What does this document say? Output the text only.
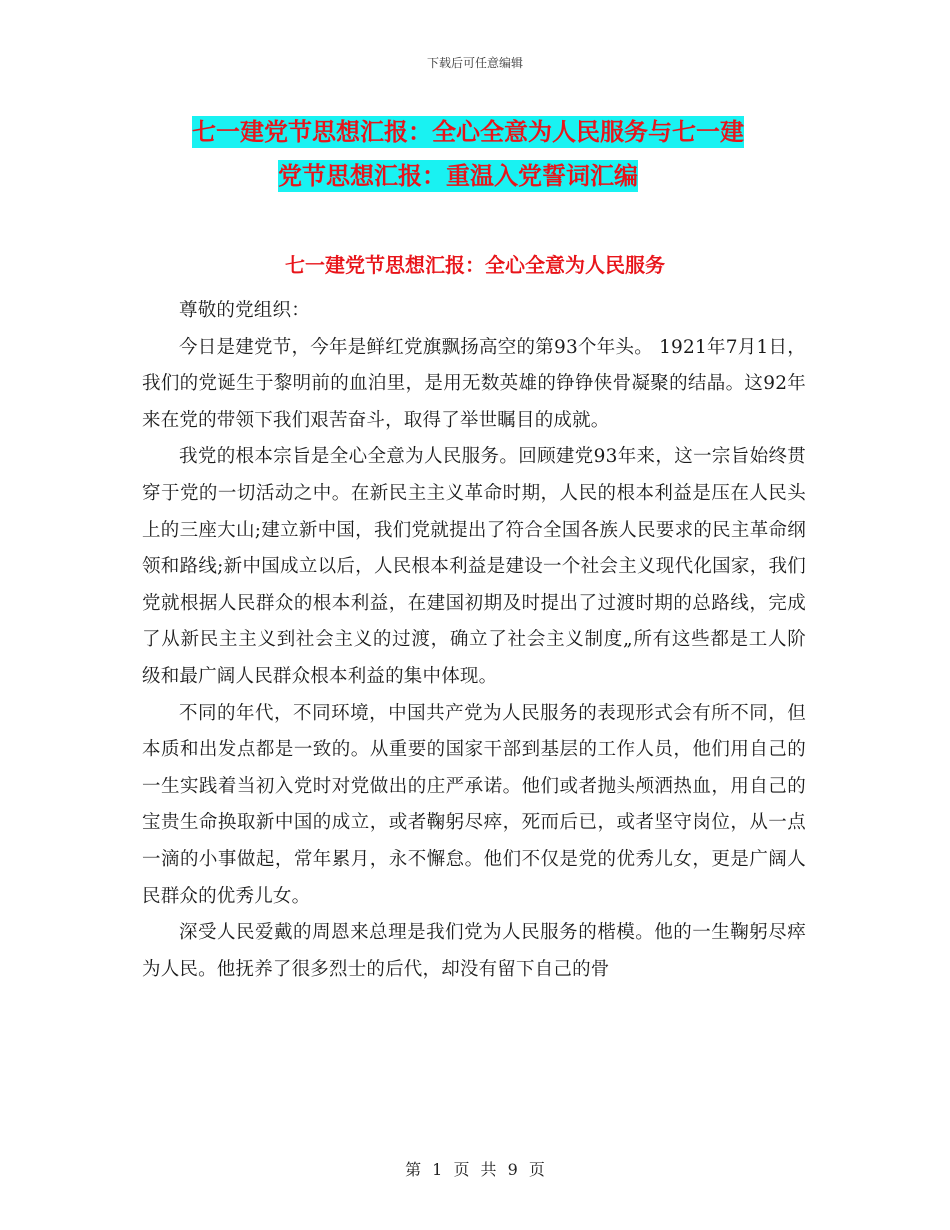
下载后可任意编辑
七一建党节思想汇报：全心全意为人民服务与七一建
党节思想汇报：重温入党誓词汇编
七一建党节思想汇报：全心全意为人民服务

尊敬的党组织：

今日是建党节，今年是鲜红党旗飘扬高空的第93个年头。 1921年7月1日，我们的党诞生于黎明前的血泊里，是用无数英雄的铮铮侠骨凝聚的结晶。这92年来在党的带领下我们艰苦奋斗，取得了举世瞩目的成就。

我党的根本宗旨是全心全意为人民服务。回顾建党93年来，这一宗旨始终贯穿于党的一切活动之中。在新民主主义革命时期，人民的根本利益是压在人民头上的三座大山;建立新中国，我们党就提出了符合全国各族人民要求的民主革命纲领和路线;新中国成立以后，人民根本利益是建设一个社会主义现代化国家，我们党就根据人民群众的根本利益，在建国初期及时提出了过渡时期的总路线，完成了从新民主主义到社会主义的过渡，确立了社会主义制度„所有这些都是工人阶级和最广阔人民群众根本利益的集中体现。

不同的年代，不同环境，中国共产党为人民服务的表现形式会有所不同，但本质和出发点都是一致的。从重要的国家干部到基层的工作人员，他们用自己的一生实践着当初入党时对党做出的庄严承诺。他们或者抛头颅洒热血，用自己的宝贵生命换取新中国的成立，或者鞠躬尽瘁，死而后已，或者坚守岗位，从一点一滴的小事做起，常年累月，永不懈怠。他们不仅是党的优秀儿女，更是广阔人民群众的优秀儿女。

深受人民爱戴的周恩来总理是我们党为人民服务的楷模。他的一生鞠躬尽瘁为人民。他抚养了很多烈士的后代，却没有留下自己的骨

第 1 页 共 9 页
